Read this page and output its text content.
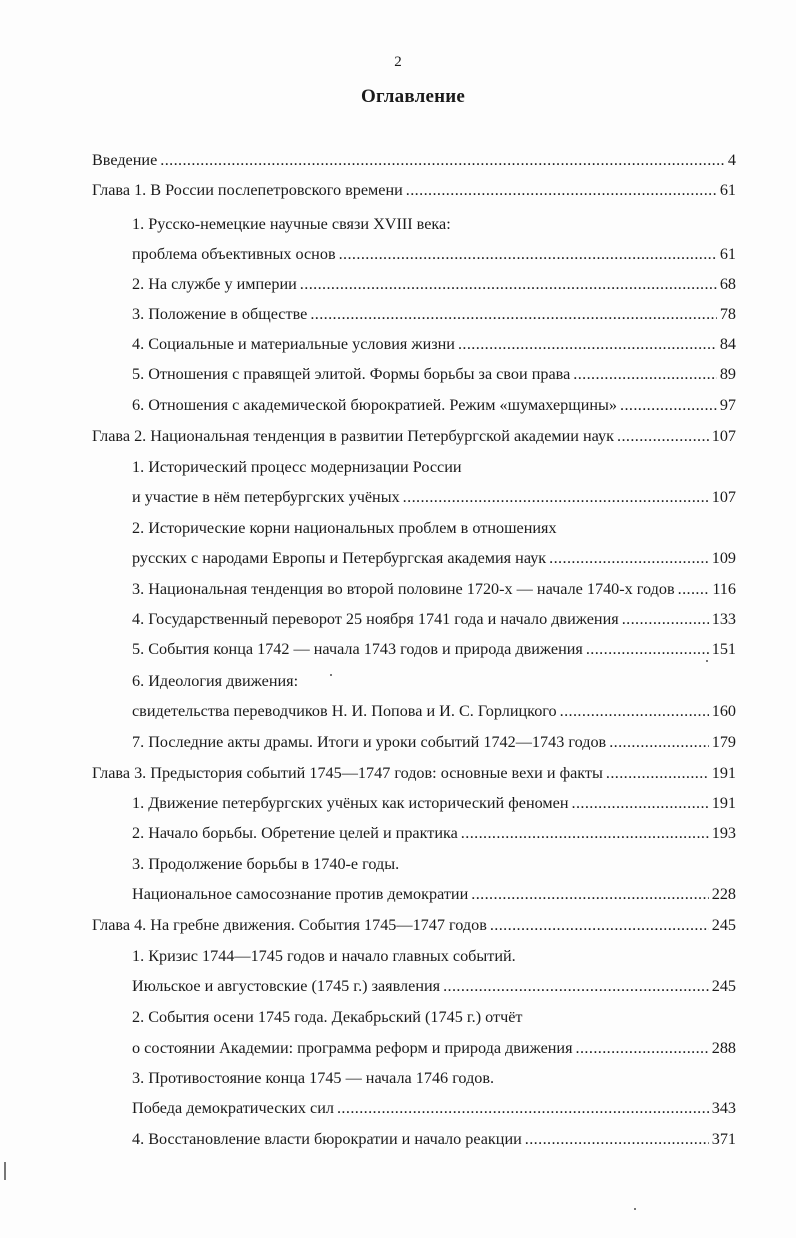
2
Оглавление
Введение .....	4
Глава 1. В России послепетровского времени .....	61
1. Русско-немецкие научные связи XVIII века:
проблема объективных основ .....	61
2. На службе у империи .....	68
3. Положение в обществе .....	78
4. Социальные и материальные условия жизни .....	84
5. Отношения с правящей элитой. Формы борьбы за свои права .....	89
6. Отношения с академической бюрократией. Режим «шумахерщины» .....	97
Глава 2. Национальная тенденция в развитии Петербургской академии наук .....	107
1. Исторический процесс модернизации России
и участие в нём петербургских учёных .....	107
2. Исторические корни национальных проблем в отношениях
русских с народами Европы и Петербургская академия наук .....	109
3. Национальная тенденция во второй половине 1720-х — начале 1740-х годов ..... 116
4. Государственный переворот 25 ноября 1741 года и начало движения .....	133
5. События конца 1742 — начала 1743 годов и природа движения .....	151
6. Идеология движения:
свидетельства переводчиков Н. И. Попова и И. С. Горлицкого .....	160
7. Последние акты драмы. Итоги и уроки событий 1742—1743 годов .....	179
Глава 3. Предыстория событий 1745—1747 годов: основные вехи и факты .....	191
1. Движение петербургских учёных как исторический феномен .....	191
2. Начало борьбы. Обретение целей и практика .....	193
3. Продолжение борьбы в 1740-е годы.
Национальное самосознание против демократии .....	228
Глава 4. На гребне движения. События 1745—1747 годов .....	245
1. Кризис 1744—1745 годов и начало главных событий.
Июльское и августовские (1745 г.) заявления .....	245
2. События осени 1745 года. Декабрьский (1745 г.) отчёт
о состоянии Академии: программа реформ и природа движения .....	288
3. Противостояние конца 1745 — начала 1746 годов.
Победа демократических сил .....	343
4. Восстановление власти бюрократии и начало реакции .....	371
